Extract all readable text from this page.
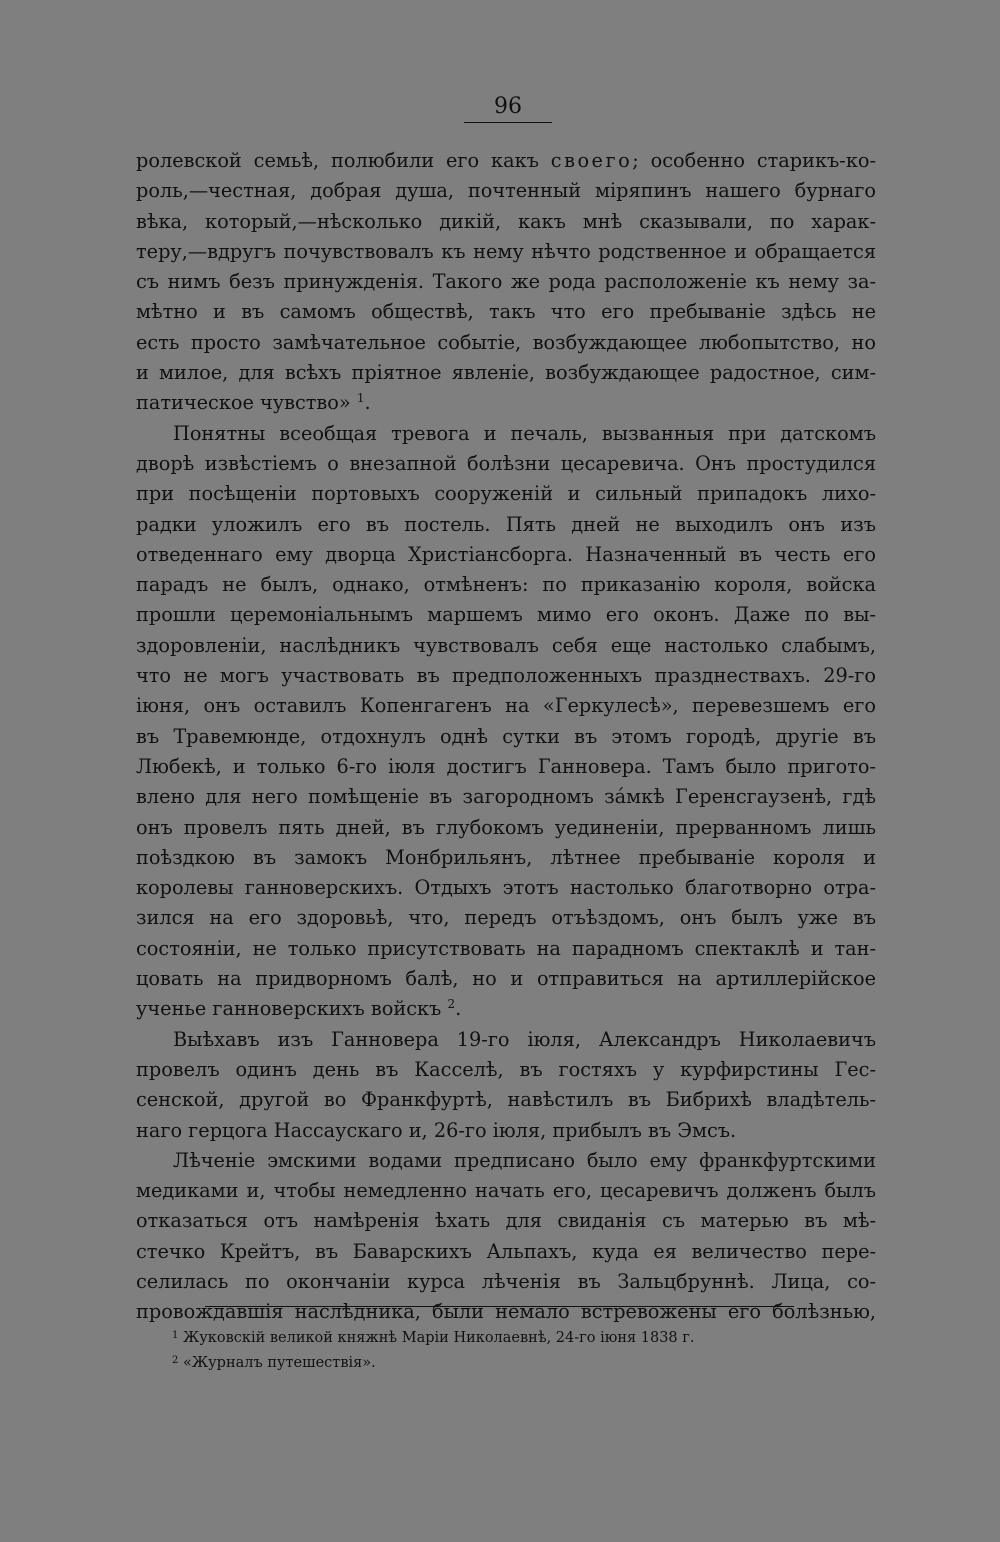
96
ролевской семьѣ, полюбили его какъ своего; особенно старикъ-ко-
роль,—честная, добрая душа, почтенный міряпинъ нашего бурнаго
вѣка, который,—нѣсколько дикій, какъ мнѣ сказывали, по харак-
теру,—вдругъ почувствовалъ къ нему нѣчто родственное и обращается
съ нимъ безъ принужденія. Такого же рода расположеніе къ нему за-
мѣтно и въ самомъ обществѣ, такъ что его пребываніе здѣсь не
есть просто замѣчательное событіе, возбуждающее любопытство, но
и милое, для всѣхъ пріятное явленіе, возбуждающее радостное, сим-
патическое чувство» $^1$.
Понятны всеобщая тревога и печаль, вызванныя при датскомъ
дворѣ извѣстіемъ о внезапной болѣзни цесаревича. Онъ простудился
при посѣщеніи портовыхъ сооруженій и сильный припадокъ лихо-
радки уложилъ его въ постель. Пять дней не выходилъ онъ изъ
отведеннаго ему дворца Христіансборга. Назначенный въ честь его
парадъ не былъ, однако, отмѣненъ: по приказанію короля, войска
прошли церемоніальнымъ маршемъ мимо его оконъ. Даже по вы-
здоровленіи, наслѣдникъ чувствовалъ себя еще настолько слабымъ,
что не могъ участвовать въ предположенныхъ празднествахъ. 29-го
іюня, онъ оставилъ Копенгагенъ на «Геркулесѣ», перевезшемъ его
въ Травемюнде, отдохнулъ однѣ сутки въ этомъ городѣ, другіе въ
Любекѣ, и только 6-го іюля достигъ Ганновера. Тамъ было пригото-
влено для него помѣщеніе въ загородномъ зáмкѣ Геренсгаузенѣ, гдѣ
онъ провелъ пять дней, въ глубокомъ уединеніи, прерванномъ лишь
поѣздкою въ замокъ Монбрильянъ, лѣтнее пребываніе короля и
королевы ганноверскихъ. Отдыхъ этотъ настолько благотворно отра-
зился на его здоровьѣ, что, передъ отъѣздомъ, онъ былъ уже въ
состояніи, не только присутствовать на парадномъ спектаклѣ и тан-
цовать на придворномъ балѣ, но и отправиться на артиллерійское
ученье ганноверскихъ войскъ $^2$.
Выѣхавъ изъ Ганновера 19-го іюля, Александръ Николаевичъ
провелъ одинъ день въ Касселѣ, въ гостяхъ у курфирстины Гес-
сенской, другой во Франкфуртѣ, навѣстилъ въ Бибрихѣ владѣтель-
наго герцога Нассаускаго и, 26-го іюля, прибылъ въ Эмсъ.
Лѣченіе эмскими водами предписано было ему франкфуртскими
медиками и, чтобы немедленно начать его, цесаревичъ долженъ былъ
отказаться отъ намѣренія ѣхать для свиданія съ матерью въ мѣ-
стечко Крейтъ, въ Баварскихъ Альпахъ, куда ея величество пере-
селилась по окончаніи курса лѣченія въ Зальцбруннѣ. Лица, со-
провождавшія наслѣдника, были немало встревожены его болѣзнью,
$^1$ Жуковскій великой княжнѣ Маріи Николаевнѣ, 24-го іюня 1838 г.
$^2$ «Журналъ путешествія».
